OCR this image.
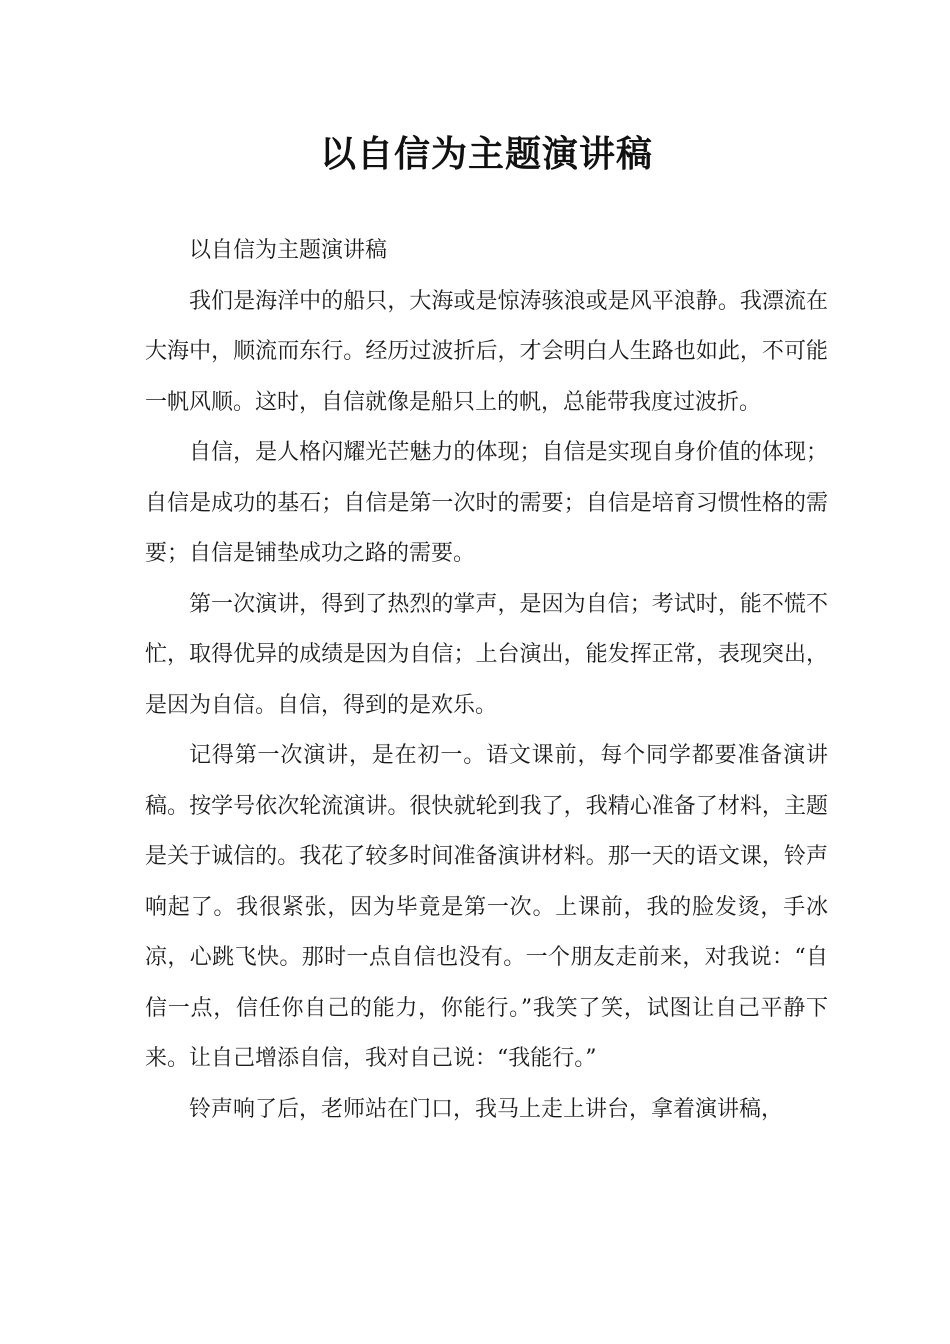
以自信为主题演讲稿

以自信为主题演讲稿

我们是海洋中的船只，大海或是惊涛骇浪或是风平浪静。我漂流在大海中，顺流而东行。经历过波折后，才会明白人生路也如此，不可能一帆风顺。这时，自信就像是船只上的帆，总能带我度过波折。

自信，是人格闪耀光芒魅力的体现；自信是实现自身价值的体现；自信是成功的基石；自信是第一次时的需要；自信是培育习惯性格的需要；自信是铺垫成功之路的需要。

第一次演讲，得到了热烈的掌声，是因为自信；考试时，能不慌不忙，取得优异的成绩是因为自信；上台演出，能发挥正常，表现突出，是因为自信。自信，得到的是欢乐。

记得第一次演讲，是在初一。语文课前，每个同学都要准备演讲稿。按学号依次轮流演讲。很快就轮到我了，我精心准备了材料，主题是关于诚信的。我花了较多时间准备演讲材料。那一天的语文课，铃声响起了。我很紧张，因为毕竟是第一次。上课前，我的脸发烫，手冰凉，心跳飞快。那时一点自信也没有。一个朋友走前来，对我说：“自信一点，信任你自己的能力，你能行。”我笑了笑，试图让自己平静下来。让自己增添自信，我对自己说：“我能行。”

铃声响了后，老师站在门口，我马上走上讲台，拿着演讲稿，
